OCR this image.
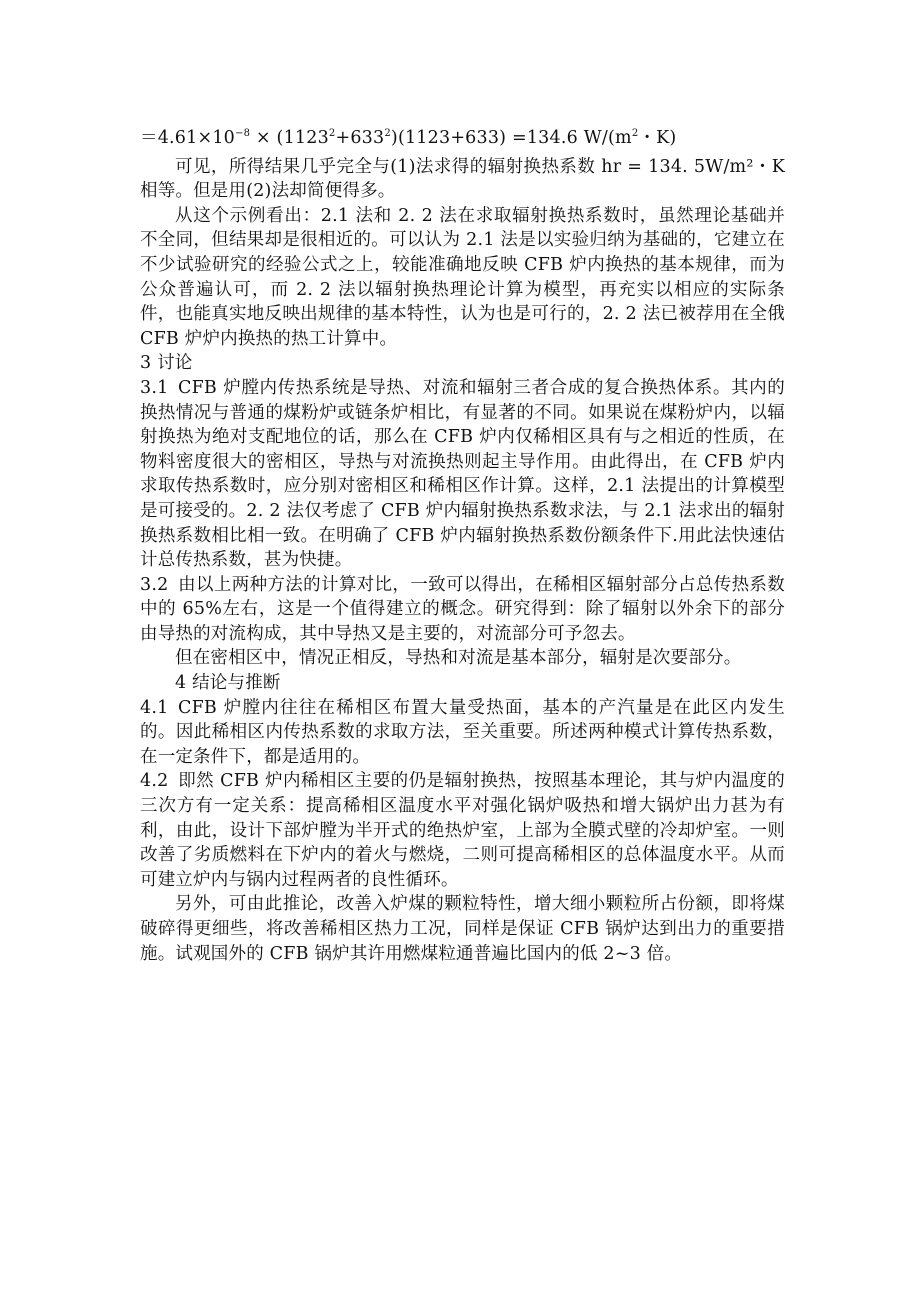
$=4.61\times 10^{-8} \times (1123^2+633^2)(1123+633) =134.6$ $W/(m^2$・K)

可见，所得结果几乎完全与(1)法求得的辐射换热系数 hr = 134. 5W/m²・K 相等。但是用(2)法却简便得多。

从这个示例看出：2.1 法和 2. 2 法在求取辐射换热系数时，虽然理论基础并不全同，但结果却是很相近的。可以认为 2.1 法是以实验归纳为基础的，它建立在不少试验研究的经验公式之上，较能准确地反映 CFB 炉内换热的基本规律，而为公众普遍认可，而 2. 2 法以辐射换热理论计算为模型，再充实以相应的实际条件，也能真实地反映出规律的基本特性，认为也是可行的，2. 2 法已被荐用在全俄 CFB 炉炉内换热的热工计算中。

3 讨论

3.1 CFB 炉膛内传热系统是导热、对流和辐射三者合成的复合换热体系。其内的换热情况与普通的煤粉炉或链条炉相比，有显著的不同。如果说在煤粉炉内，以辐射换热为绝对支配地位的话，那么在 CFB 炉内仅稀相区具有与之相近的性质，在物料密度很大的密相区，导热与对流换热则起主导作用。由此得出，在 CFB 炉内求取传热系数时，应分别对密相区和稀相区作计算。这样，2.1 法提出的计算模型是可接受的。2. 2 法仅考虑了 CFB 炉内辐射换热系数求法，与 2.1 法求出的辐射换热系数相比相一致。在明确了 CFB 炉内辐射换热系数份额条件下.用此法快速估计总传热系数，甚为快捷。

3.2 由以上两种方法的计算对比，一致可以得出，在稀相区辐射部分占总传热系数中的 65%左右，这是一个值得建立的概念。研究得到：除了辐射以外余下的部分由导热的对流构成，其中导热又是主要的，对流部分可予忽去。

但在密相区中，情况正相反，导热和对流是基本部分，辐射是次要部分。

4 结论与推断

4.1 CFB 炉膛内往往在稀相区布置大量受热面，基本的产汽量是在此区内发生的。因此稀相区内传热系数的求取方法，至关重要。所述两种模式计算传热系数，在一定条件下，都是适用的。

4.2 即然 CFB 炉内稀相区主要的仍是辐射换热，按照基本理论，其与炉内温度的三次方有一定关系：提高稀相区温度水平对强化锅炉吸热和增大锅炉出力甚为有利，由此，设计下部炉膛为半开式的绝热炉室，上部为全膜式壁的冷却炉室。一则改善了劣质燃料在下炉内的着火与燃烧，二则可提高稀相区的总体温度水平。从而可建立炉内与锅内过程两者的良性循环。

另外，可由此推论，改善入炉煤的颗粒特性，增大细小颗粒所占份额，即将煤破碎得更细些，将改善稀相区热力工况，同样是保证 CFB 锅炉达到出力的重要措施。试观国外的 CFB 锅炉其许用燃煤粒通普遍比国内的低 2~3 倍。
